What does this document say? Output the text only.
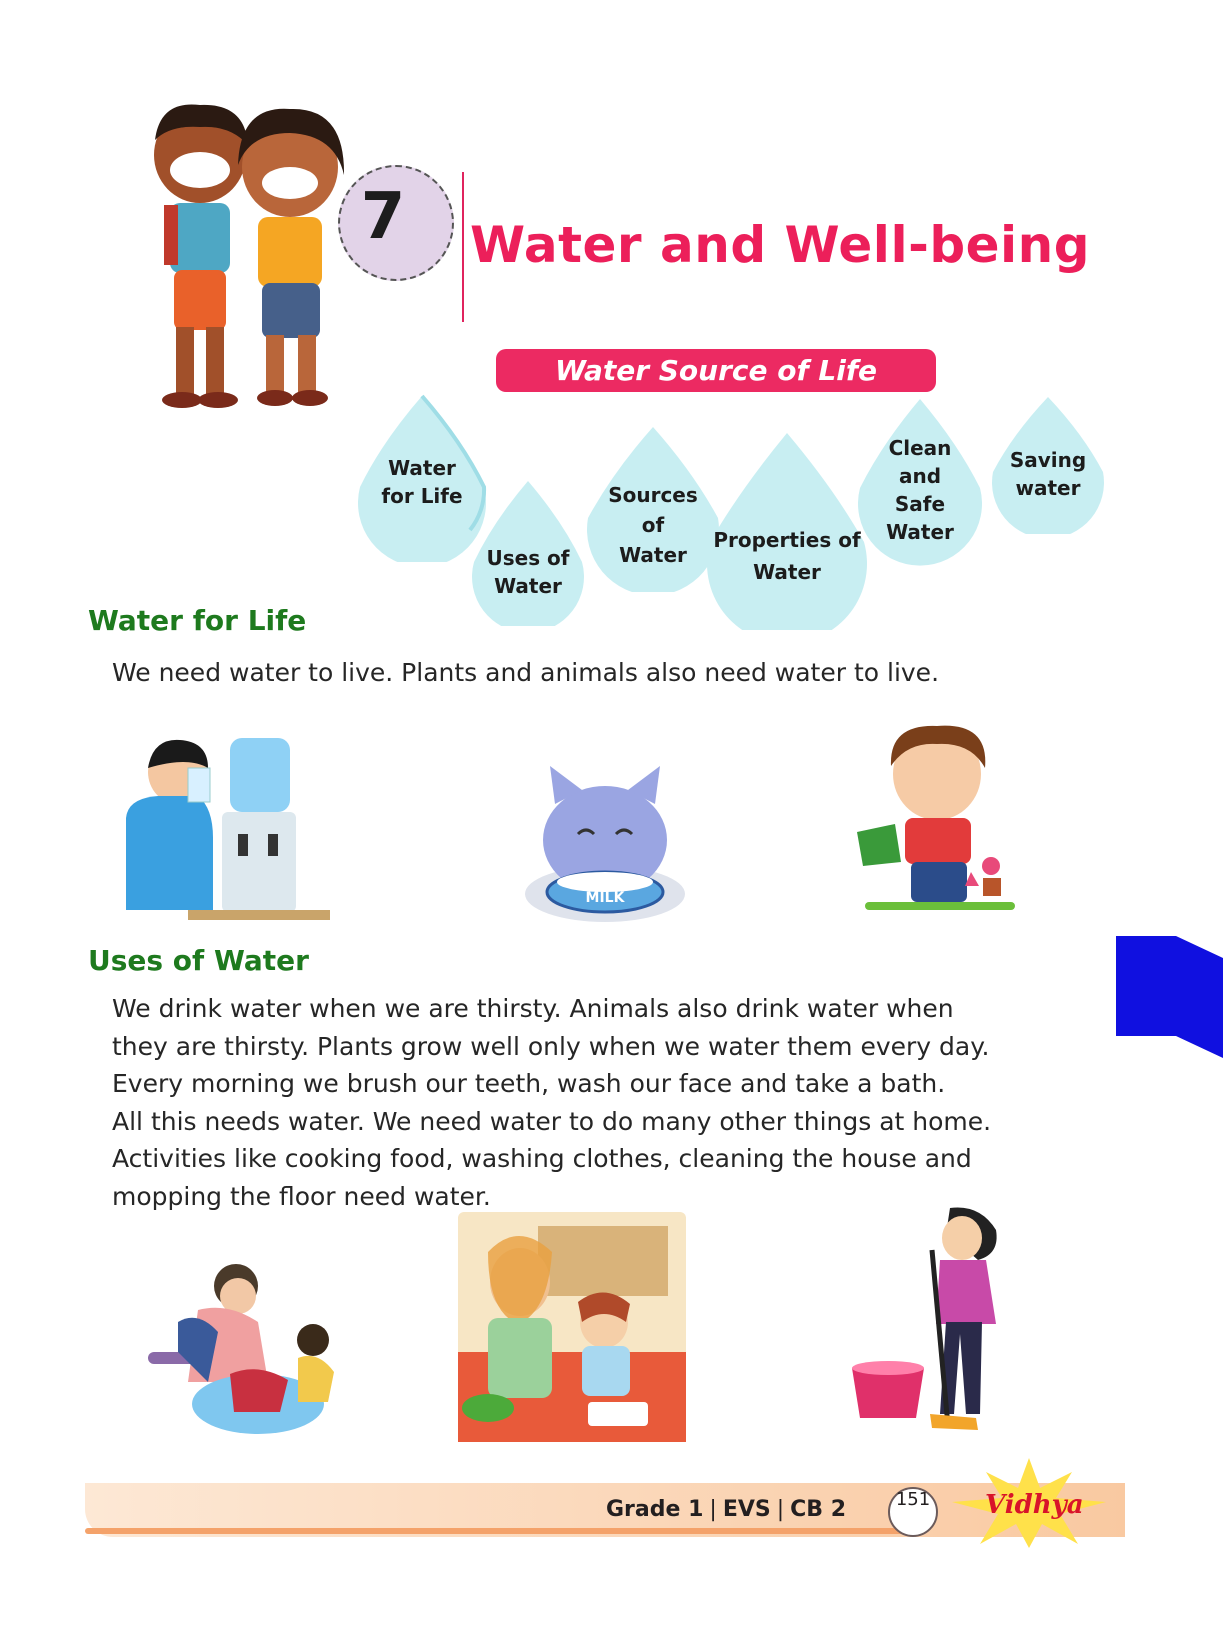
7	Water and Well-being
Water Source of Life
Water
for Life
Uses of
Water
Sources
of
Water
Properties of
Water
Clean
and
Safe
Water
Saving
water
Water for Life
We need water to live. Plants and animals also need water to live.
MILK
Uses of Water
We drink water when we are thirsty. Animals also drink water when
they are thirsty. Plants grow well only when we water them every day.
Every morning we brush our teeth, wash our face and take a bath.
All this needs water. We need water to do many other things at home.
Activities like cooking food, washing clothes, cleaning the house and
mopping the floor need water.
Grade 1 | EVS | CB 2	151	Vidhya
